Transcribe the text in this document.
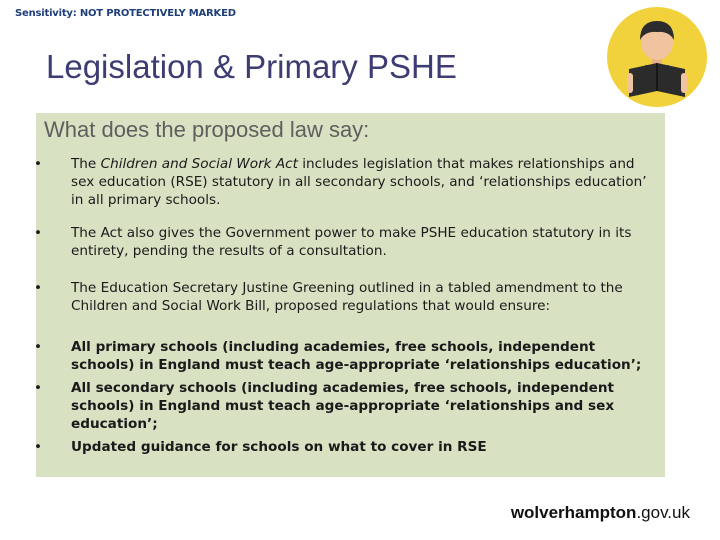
Sensitivity: NOT PROTECTIVELY MARKED
Legislation & Primary PSHE
What does the proposed law say:
•	The Children and Social Work Act includes legislation that makes relationships and sex education (RSE) statutory in all secondary schools, and ‘relationships education’ in all primary schools.
•	The Act also gives the Government power to make PSHE education statutory in its entirety, pending the results of a consultation.
•	The Education Secretary Justine Greening outlined in a tabled amendment to the Children and Social Work Bill, proposed regulations that would ensure:
•	All primary schools (including academies, free schools, independent schools) in England must teach age-appropriate ‘relationships education’;
•	All secondary schools (including academies, free schools, independent schools) in England must teach age-appropriate ‘relationships and sex education’;
•	Updated guidance for schools on what to cover in RSE
wolverhampton.gov.uk
